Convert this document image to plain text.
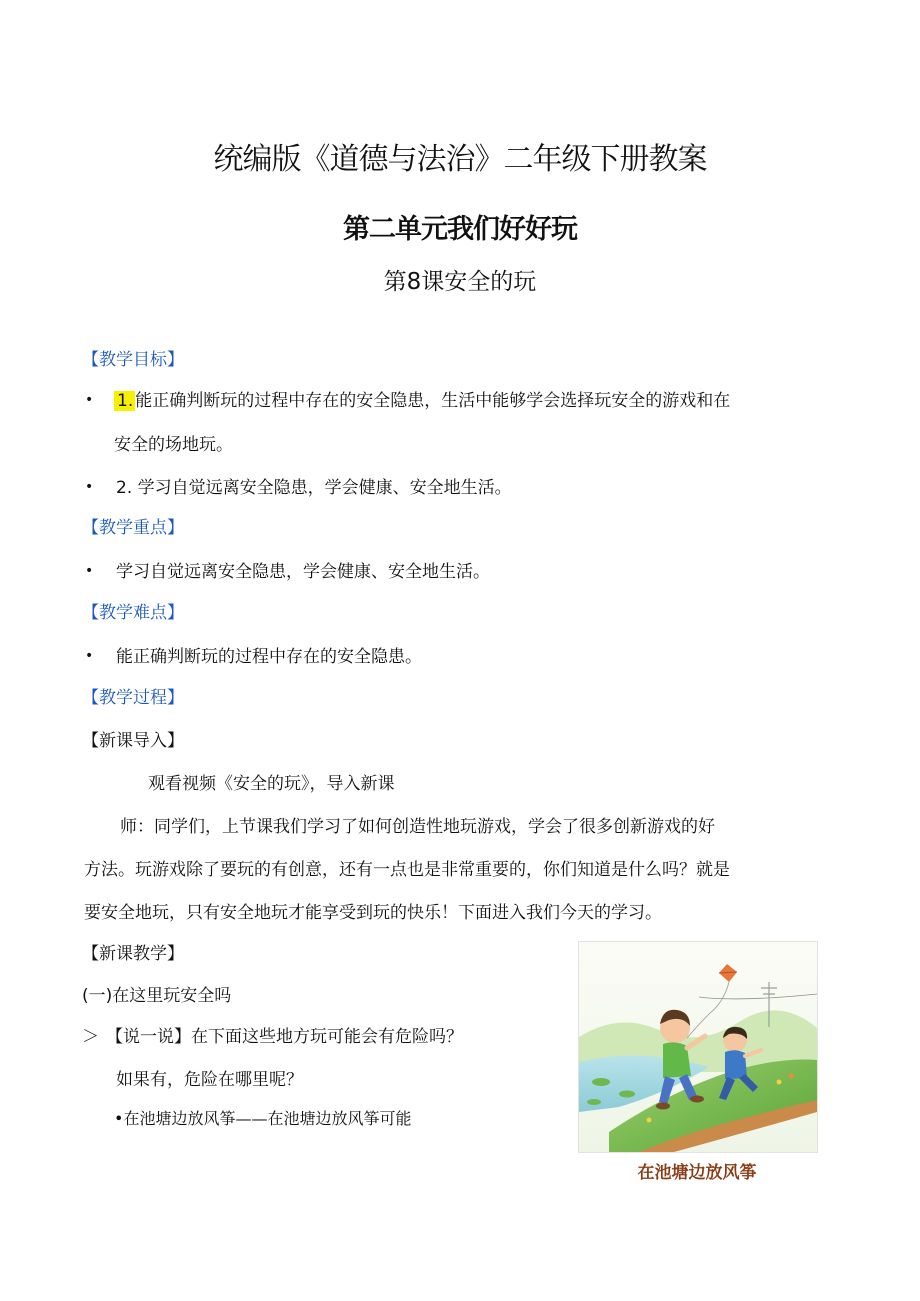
统编版《道德与法治》二年级下册教案
第二单元我们好好玩
第8课安全的玩
【教学目标】
• 1. 能正确判断玩的过程中存在的安全隐患，生活中能够学会选择玩安全的游戏和在
安全的场地玩。
• 2. 学习自觉远离安全隐患，学会健康、安全地生活。
【教学重点】
• 学习自觉远离安全隐患，学会健康、安全地生活。
【教学难点】
• 能正确判断玩的过程中存在的安全隐患。
【教学过程】
【新课导入】
观看视频《安全的玩》，导入新课
师：同学们，上节课我们学习了如何创造性地玩游戏，学会了很多创新游戏的好
方法。玩游戏除了要玩的有创意，还有一点也是非常重要的，你们知道是什么吗？就是
要安全地玩，只有安全地玩才能享受到玩的快乐！下面进入我们今天的学习。
【新课教学】
(一)在这里玩安全吗
＞ 【说一说】在下面这些地方玩可能会有危险吗？
如果有，危险在哪里呢？
•在池塘边放风筝——在池塘边放风筝可能
在池塘边放风筝
